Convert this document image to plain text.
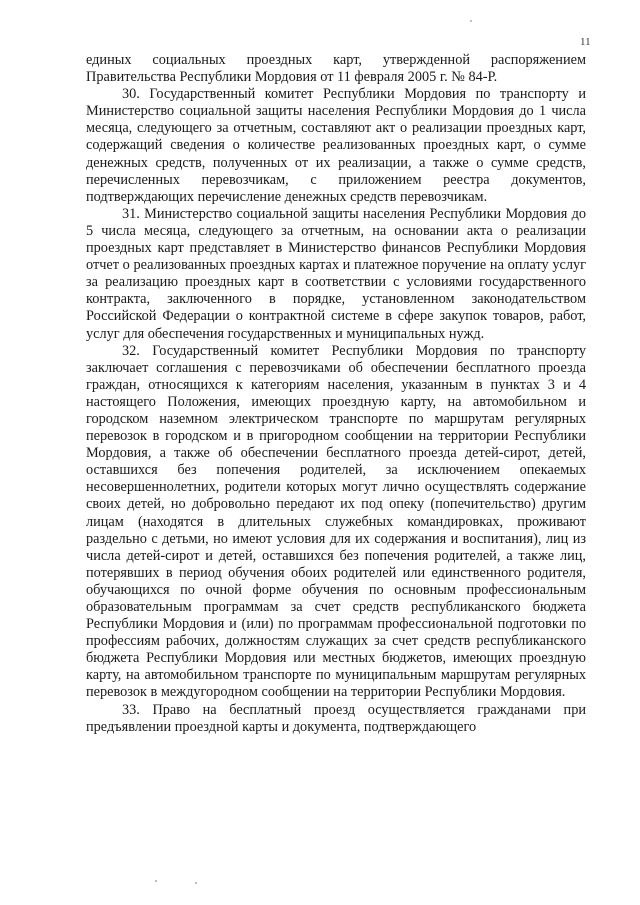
11

единых социальных проездных карт, утвержденной распоряжением Правительства Республики Мордовия от 11 февраля 2005 г. № 84-Р.

30. Государственный комитет Республики Мордовия по транспорту и Министерство социальной защиты населения Республики Мордовия до 1 числа месяца, следующего за отчетным, составляют акт о реализации проездных карт, содержащий сведения о количестве реализованных проездных карт, о сумме денежных средств, полученных от их реализации, а также о сумме средств, перечисленных перевозчикам, с приложением реестра документов, подтверждающих перечисление денежных средств перевозчикам.

31. Министерство социальной защиты населения Республики Мордовия до 5 числа месяца, следующего за отчетным, на основании акта о реализации проездных карт представляет в Министерство финансов Республики Мордовия отчет о реализованных проездных картах и платежное поручение на оплату услуг за реализацию проездных карт в соответствии с условиями государственного контракта, заключенного в порядке, установленном законодательством Российской Федерации о контрактной системе в сфере закупок товаров, работ, услуг для обеспечения государственных и муниципальных нужд.

32. Государственный комитет Республики Мордовия по транспорту заключает соглашения с перевозчиками об обеспечении бесплатного проезда граждан, относящихся к категориям населения, указанным в пунктах 3 и 4 настоящего Положения, имеющих проездную карту, на автомобильном и городском наземном электрическом транспорте по маршрутам регулярных перевозок в городском и в пригородном сообщении на территории Республики Мордовия, а также об обеспечении бесплатного проезда детей-сирот, детей, оставшихся без попечения родителей, за исключением опекаемых несовершеннолетних, родители которых могут лично осуществлять содержание своих детей, но добровольно передают их под опеку (попечительство) другим лицам (находятся в длительных служебных командировках, проживают раздельно с детьми, но имеют условия для их содержания и воспитания), лиц из числа детей-сирот и детей, оставшихся без попечения родителей, а также лиц, потерявших в период обучения обоих родителей или единственного родителя, обучающихся по очной форме обучения по основным профессиональным образовательным программам за счет средств республиканского бюджета Республики Мордовия и (или) по программам профессиональной подготовки по профессиям рабочих, должностям служащих за счет средств республиканского бюджета Республики Мордовия или местных бюджетов, имеющих проездную карту, на автомобильном транспорте по муниципальным маршрутам регулярных перевозок в междугородном сообщении на территории Республики Мордовия.

33. Право на бесплатный проезд осуществляется гражданами при предъявлении проездной карты и документа, подтверждающего
